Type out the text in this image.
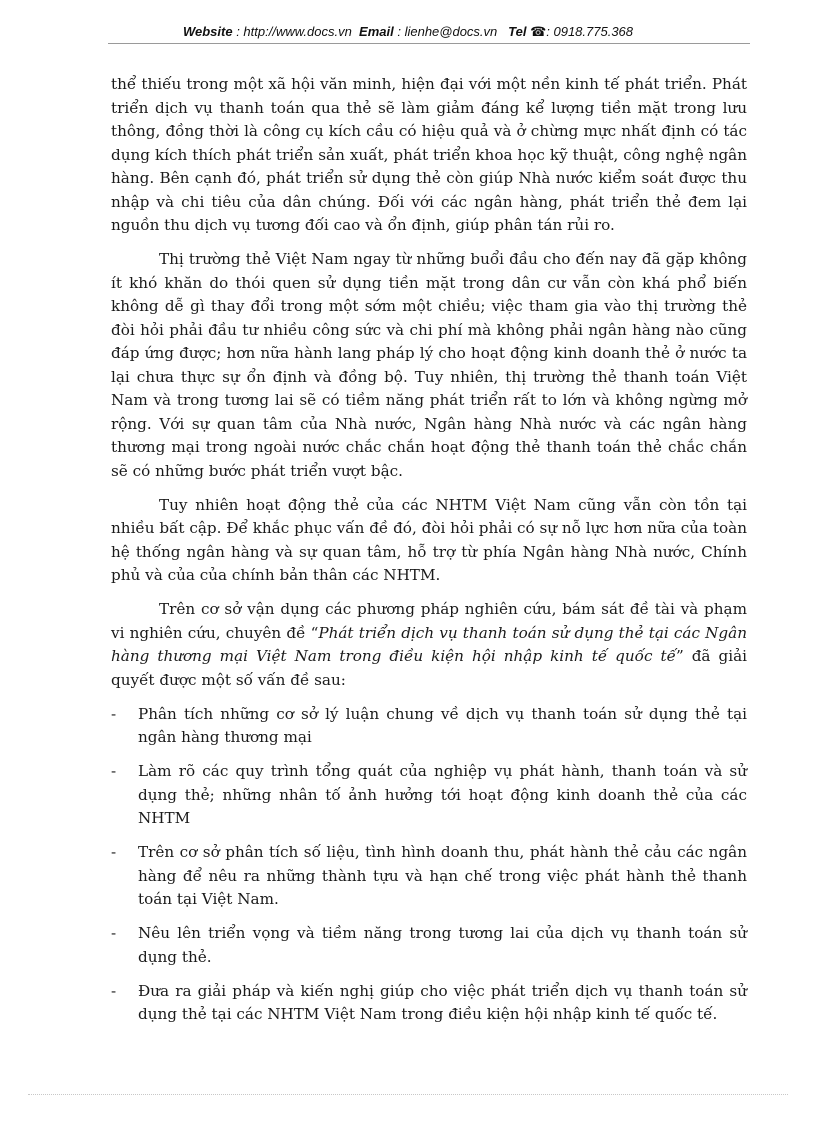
Website : http://www.docs.vn Email : lienhe@docs.vn Tel ☎: 0918.775.368

thể thiếu trong một xã hội văn minh, hiện đại với một nền kinh tế phát triển. Phát triển dịch vụ thanh toán qua thẻ sẽ làm giảm đáng kể lượng tiền mặt trong lưu thông, đồng thời là công cụ kích cầu có hiệu quả và ở chừng mực nhất định có tác dụng kích thích phát triển sản xuất, phát triển khoa học kỹ thuật, công nghệ ngân hàng. Bên cạnh đó, phát triển sử dụng thẻ còn giúp Nhà nước kiểm soát được thu nhập và chi tiêu của dân chúng. Đối với các ngân hàng, phát triển thẻ đem lại nguồn thu dịch vụ tương đối cao và ổn định, giúp phân tán rủi ro.

Thị trường thẻ Việt Nam ngay từ những buổi đầu cho đến nay đã gặp không ít khó khăn do thói quen sử dụng tiền mặt trong dân cư vẫn còn khá phổ biến không dễ gì thay đổi trong một sớm một chiều; việc tham gia vào thị trường thẻ đòi hỏi phải đầu tư nhiều công sức và chi phí mà không phải ngân hàng nào cũng đáp ứng được; hơn nữa hành lang pháp lý cho hoạt động kinh doanh thẻ ở nước ta lại chưa thực sự ổn định và đồng bộ. Tuy nhiên, thị trường thẻ thanh toán Việt Nam và trong tương lai sẽ có tiềm năng phát triển rất to lớn và không ngừng mở rộng. Với sự quan tâm của Nhà nước, Ngân hàng Nhà nước và các ngân hàng thương mại trong ngoài nước chắc chắn hoạt động thẻ thanh toán thẻ chắc chắn sẽ có những bước phát triển vượt bậc.

Tuy nhiên hoạt động thẻ của các NHTM Việt Nam cũng vẫn còn tồn tại nhiều bất cập. Để khắc phục vấn đề đó, đòi hỏi phải có sự nỗ lực hơn nữa của toàn hệ thống ngân hàng và sự quan tâm, hỗ trợ từ phía Ngân hàng Nhà nước, Chính phủ và của của chính bản thân các NHTM.

Trên cơ sở vận dụng các phương pháp nghiên cứu, bám sát đề tài và phạm vi nghiên cứu, chuyên đề “Phát triển dịch vụ thanh toán sử dụng thẻ tại các Ngân hàng thương mại Việt Nam trong điều kiện hội nhập kinh tế quốc tế” đã giải quyết được một số vấn đề sau:

- Phân tích những cơ sở lý luận chung về dịch vụ thanh toán sử dụng thẻ tại ngân hàng thương mại
- Làm rõ các quy trình tổng quát của nghiệp vụ phát hành, thanh toán và sử dụng thẻ; những nhân tố ảnh hưởng tới hoạt động kinh doanh thẻ của các NHTM
- Trên cơ sở phân tích số liệu, tình hình doanh thu, phát hành thẻ cảu các ngân hàng để nêu ra những thành tựu và hạn chế trong việc phát hành thẻ thanh toán tại Việt Nam.
- Nêu lên triển vọng và tiềm năng trong tương lai của dịch vụ thanh toán sử dụng thẻ.
- Đưa ra giải pháp và kiến nghị giúp cho việc phát triển dịch vụ thanh toán sử dụng thẻ tại các NHTM Việt Nam trong điều kiện hội nhập kinh tế quốc tế.
